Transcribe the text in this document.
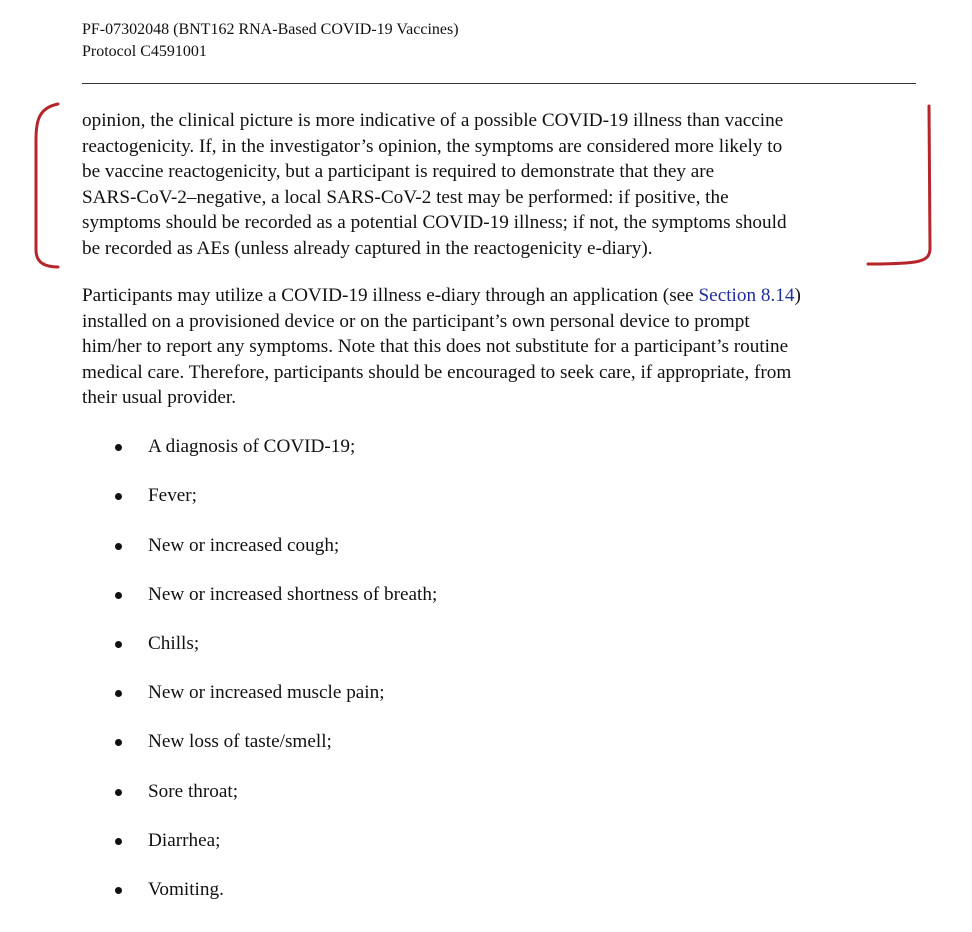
PF-07302048 (BNT162 RNA-Based COVID-19 Vaccines)
Protocol C4591001
opinion, the clinical picture is more indicative of a possible COVID-19 illness than vaccine
reactogenicity. If, in the investigator’s opinion, the symptoms are considered more likely to
be vaccine reactogenicity, but a participant is required to demonstrate that they are
SARS-CoV-2–negative, a local SARS-CoV-2 test may be performed: if positive, the
symptoms should be recorded as a potential COVID-19 illness; if not, the symptoms should
be recorded as AEs (unless already captured in the reactogenicity e-diary).
Participants may utilize a COVID-19 illness e-diary through an application (see Section 8.14)
installed on a provisioned device or on the participant’s own personal device to prompt
him/her to report any symptoms. Note that this does not substitute for a participant’s routine
medical care. Therefore, participants should be encouraged to seek care, if appropriate, from
their usual provider.
A diagnosis of COVID-19;
Fever;
New or increased cough;
New or increased shortness of breath;
Chills;
New or increased muscle pain;
New loss of taste/smell;
Sore throat;
Diarrhea;
Vomiting.
